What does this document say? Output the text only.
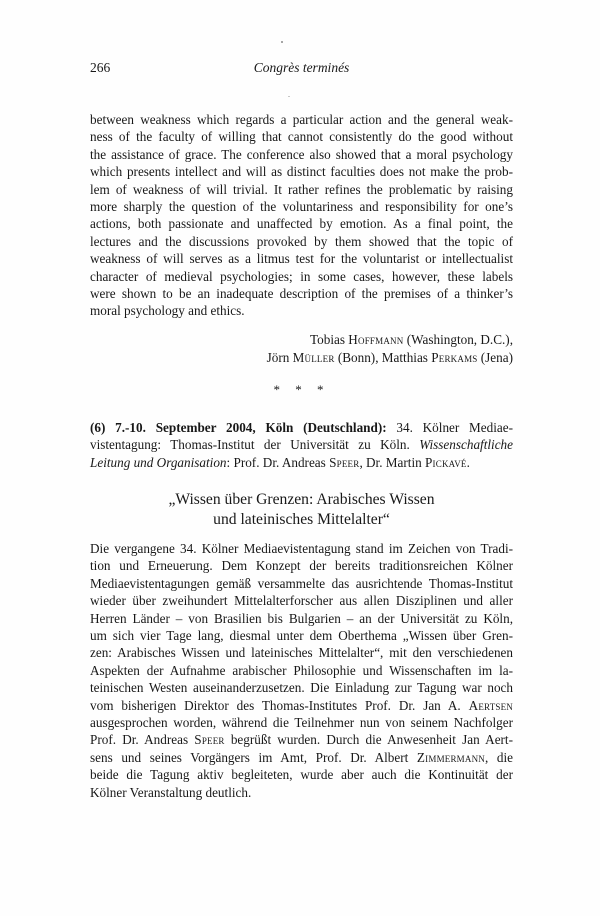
Congrès terminés
266
between weakness which regards a particular action and the general weak-
ness of the faculty of willing that cannot consistently do the good without
the assistance of grace. The conference also showed that a moral psychology
which presents intellect and will as distinct faculties does not make the prob-
lem of weakness of will trivial. It rather refines the problematic by raising
more sharply the question of the voluntariness and responsibility for one’s
actions, both passionate and unaffected by emotion. As a final point, the
lectures and the discussions provoked by them showed that the topic of
weakness of will serves as a litmus test for the voluntarist or intellectualist
character of medieval psychologies; in some cases, however, these labels
were shown to be an inadequate description of the premises of a thinker’s
moral psychology and ethics.
Tobias Hoffmann (Washington, D.C.),
Jörn Müller (Bonn), Matthias Perkams (Jena)
* * *
(6) 7.-10. September 2004, Köln (Deutschland): 34. Kölner Mediae-
vistentagung: Thomas-Institut der Universität zu Köln. Wissenschaftliche
Leitung und Organisation: Prof. Dr. Andreas Speer, Dr. Martin Pickavé.
„Wissen über Grenzen: Arabisches Wissen
und lateinisches Mittelalter“
Die vergangene 34. Kölner Mediaevistentagung stand im Zeichen von Tradi-
tion und Erneuerung. Dem Konzept der bereits traditionsreichen Kölner
Mediaevistentagungen gemäß versammelte das ausrichtende Thomas-Institut
wieder über zweihundert Mittelalterforscher aus allen Disziplinen und aller
Herren Länder – von Brasilien bis Bulgarien – an der Universität zu Köln,
um sich vier Tage lang, diesmal unter dem Oberthema „Wissen über Gren-
zen: Arabisches Wissen und lateinisches Mittelalter“, mit den verschiedenen
Aspekten der Aufnahme arabischer Philosophie und Wissenschaften im la-
teinischen Westen auseinanderzusetzen. Die Einladung zur Tagung war noch
vom bisherigen Direktor des Thomas-Institutes Prof. Dr. Jan A. Aertsen
ausgesprochen worden, während die Teilnehmer nun von seinem Nachfolger
Prof. Dr. Andreas Speer begrüßt wurden. Durch die Anwesenheit Jan Aert-
sens und seines Vorgängers im Amt, Prof. Dr. Albert Zimmermann, die
beide die Tagung aktiv begleiteten, wurde aber auch die Kontinuität der
Kölner Veranstaltung deutlich.
